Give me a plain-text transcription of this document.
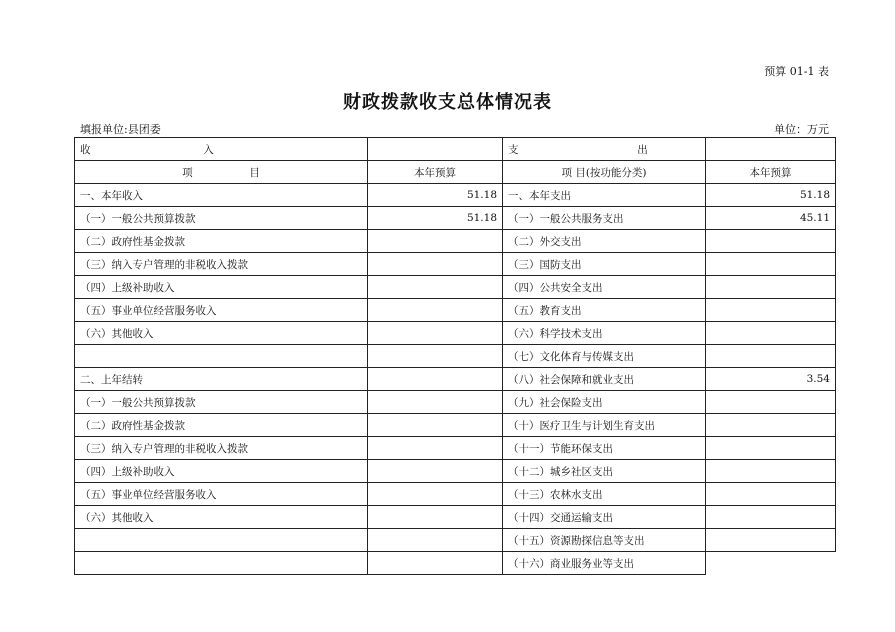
预算 01-1 表
财政拨款收支总体情况表
填报单位:县团委	单位：万元
收 入		支 出	
项 目	本年预算	项 目(按功能分类)	本年预算
一、本年收入	51.18	一、本年支出	51.18
（一）一般公共预算拨款	51.18	（一）一般公共服务支出	45.11
（二）政府性基金拨款		（二）外交支出	
（三）纳入专户管理的非税收入拨款		（三）国防支出	
（四）上级补助收入		（四）公共安全支出	
（五）事业单位经营服务收入		（五）教育支出	
（六）其他收入		（六）科学技术支出	
		（七）文化体育与传媒支出	
二、上年结转		（八）社会保障和就业支出	3.54
（一）一般公共预算拨款		（九）社会保险支出	
（二）政府性基金拨款		（十）医疗卫生与计划生育支出	
（三）纳入专户管理的非税收入拨款		（十一）节能环保支出	
（四）上级补助收入		（十二）城乡社区支出	
（五）事业单位经营服务收入		（十三）农林水支出	
（六）其他收入		（十四）交通运输支出	
		（十五）资源勘探信息等支出	
		（十六）商业服务业等支出	
